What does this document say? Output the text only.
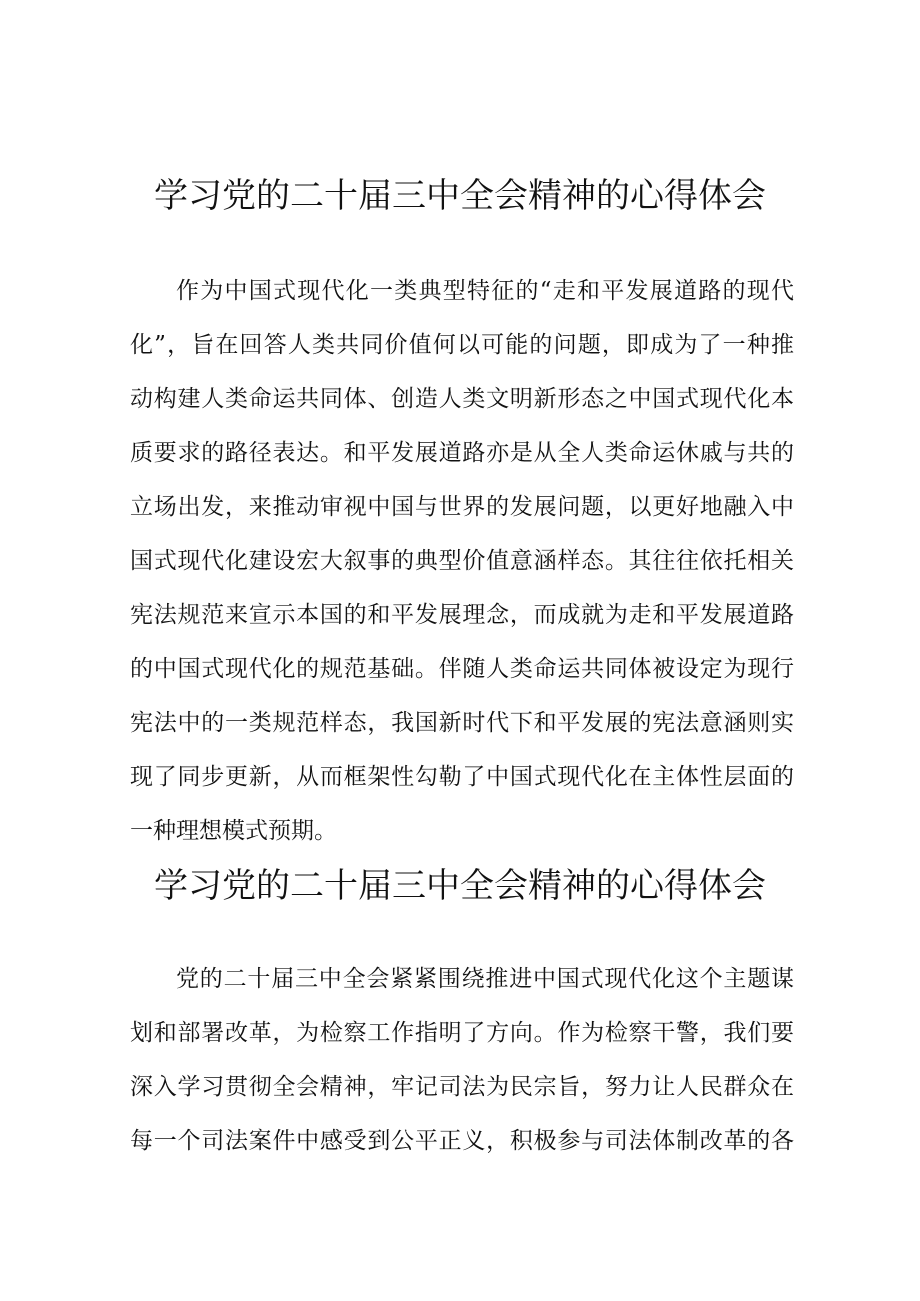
学习党的二十届三中全会精神的心得体会
作为中国式现代化一类典型特征的“走和平发展道路的现代
化”，旨在回答人类共同价值何以可能的问题，即成为了一种推
动构建人类命运共同体、创造人类文明新形态之中国式现代化本
质要求的路径表达。和平发展道路亦是从全人类命运休戚与共的
立场出发，来推动审视中国与世界的发展问题，以更好地融入中
国式现代化建设宏大叙事的典型价值意涵样态。其往往依托相关
宪法规范来宣示本国的和平发展理念，而成就为走和平发展道路
的中国式现代化的规范基础。伴随人类命运共同体被设定为现行
宪法中的一类规范样态，我国新时代下和平发展的宪法意涵则实
现了同步更新，从而框架性勾勒了中国式现代化在主体性层面的
一种理想模式预期。
学习党的二十届三中全会精神的心得体会
党的二十届三中全会紧紧围绕推进中国式现代化这个主题谋
划和部署改革，为检察工作指明了方向。作为检察干警，我们要
深入学习贯彻全会精神，牢记司法为民宗旨，努力让人民群众在
每一个司法案件中感受到公平正义，积极参与司法体制改革的各
